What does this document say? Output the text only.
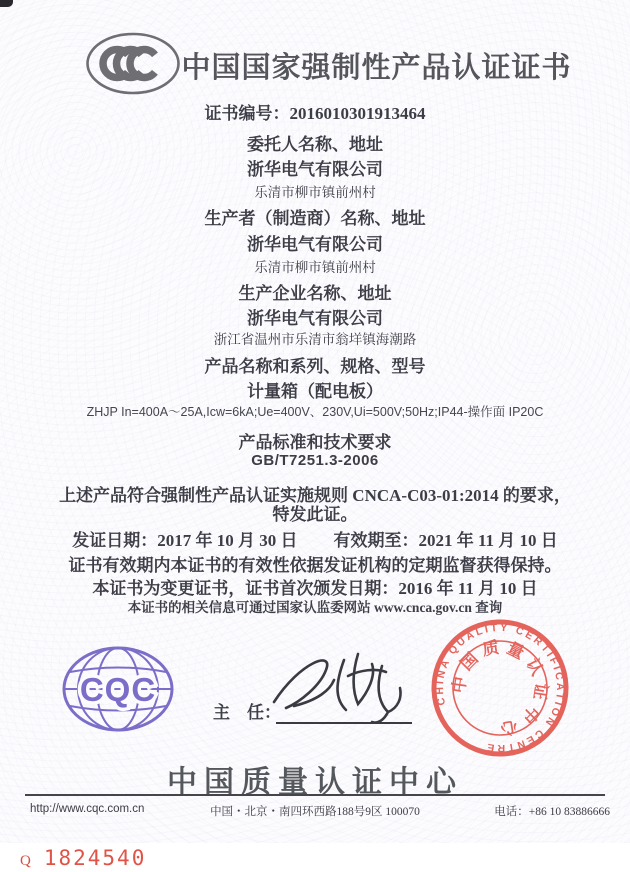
中国国家强制性产品认证证书
证书编号：2016010301913464
委托人名称、地址
浙华电气有限公司
乐清市柳市镇前州村
生产者（制造商）名称、地址
浙华电气有限公司
乐清市柳市镇前州村
生产企业名称、地址
浙华电气有限公司
浙江省温州市乐清市翁垟镇海潮路
产品名称和系列、规格、型号
计量箱（配电板）
ZHJP In=400A～25A,Icw=6kA;Ue=400V、230V,Ui=500V;50Hz;IP44-操作面 IP20C
产品标准和技术要求
GB/T7251.3-2006
上述产品符合强制性产品认证实施规则 CNCA-C03-01:2014 的要求，
特发此证。
发证日期：2017 年 10 月 30 日 有效期至：2021 年 11 月 10 日
证书有效期内本证书的有效性依据发证机构的定期监督获得保持。
本证书为变更证书，证书首次颁发日期：2016 年 11 月 10 日
本证书的相关信息可通过国家认监委网站 www.cnca.gov.cn 查询
CQC
主　任：
CHINA QUALITY CERTIFICATION CENTRE
中国质量认证中心
中国质量认证中心
http://www.cqc.com.cn	中国・北京・南四环西路188号9区 100070	电话：+86 10 83886666
Q 1824540
